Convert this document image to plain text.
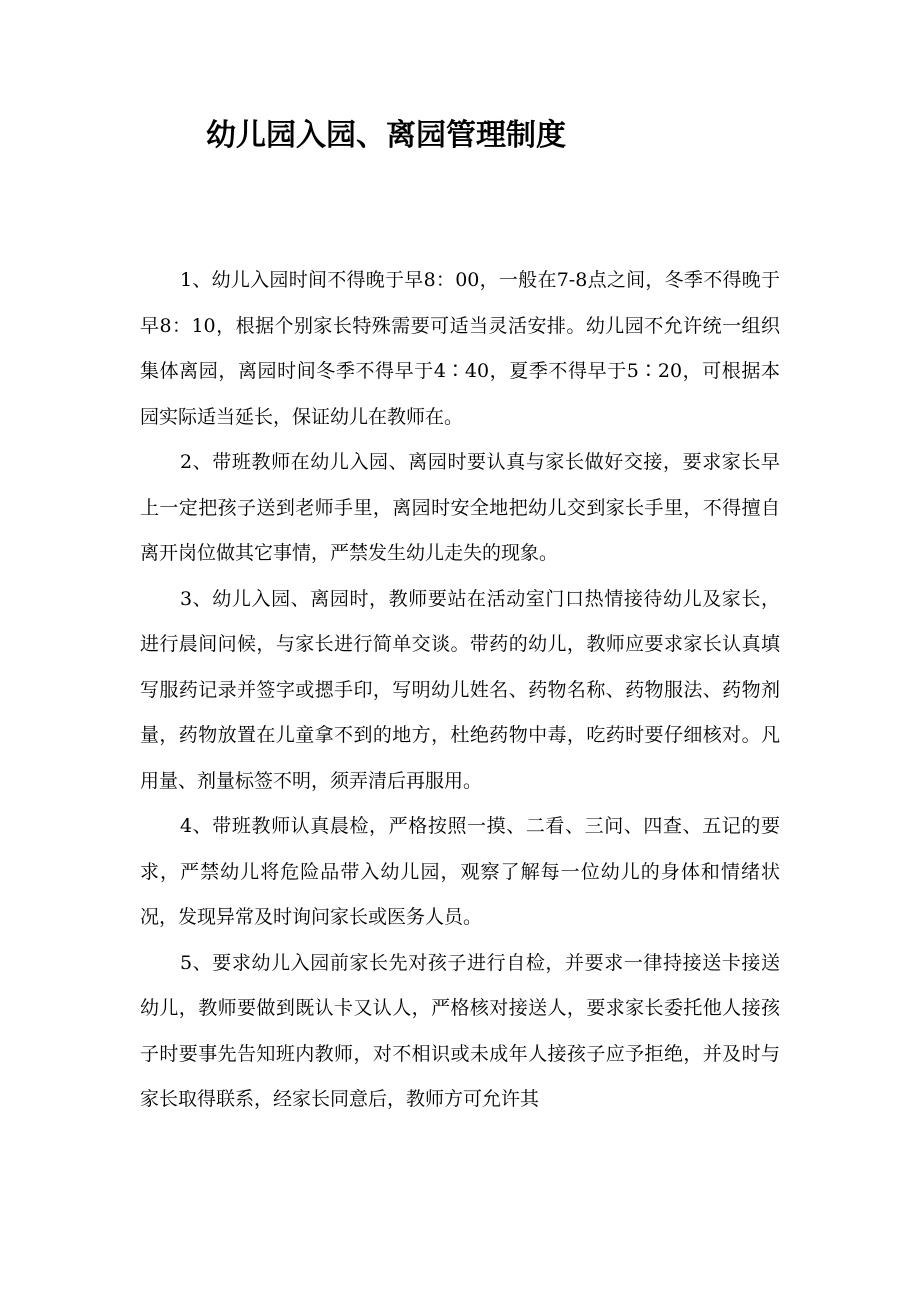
幼儿园入园、离园管理制度

1、幼儿入园时间不得晚于早8：00，一般在7-8点之间，冬季不得晚于早8：10，根据个别家长特殊需要可适当灵活安排。幼儿园不允许统一组织集体离园，离园时间冬季不得早于4∶40，夏季不得早于5∶20，可根据本园实际适当延长，保证幼儿在教师在。

2、带班教师在幼儿入园、离园时要认真与家长做好交接，要求家长早上一定把孩子送到老师手里，离园时安全地把幼儿交到家长手里，不得擅自离开岗位做其它事情，严禁发生幼儿走失的现象。

3、幼儿入园、离园时，教师要站在活动室门口热情接待幼儿及家长，进行晨间问候，与家长进行简单交谈。带药的幼儿，教师应要求家长认真填写服药记录并签字或摁手印，写明幼儿姓名、药物名称、药物服法、药物剂量，药物放置在儿童拿不到的地方，杜绝药物中毒，吃药时要仔细核对。凡用量、剂量标签不明，须弄清后再服用。

4、带班教师认真晨检，严格按照一摸、二看、三问、四查、五记的要求，严禁幼儿将危险品带入幼儿园，观察了解每一位幼儿的身体和情绪状况，发现异常及时询问家长或医务人员。

5、要求幼儿入园前家长先对孩子进行自检，并要求一律持接送卡接送幼儿，教师要做到既认卡又认人，严格核对接送人，要求家长委托他人接孩子时要事先告知班内教师，对不相识或未成年人接孩子应予拒绝，并及时与家长取得联系，经家长同意后，教师方可允许其
